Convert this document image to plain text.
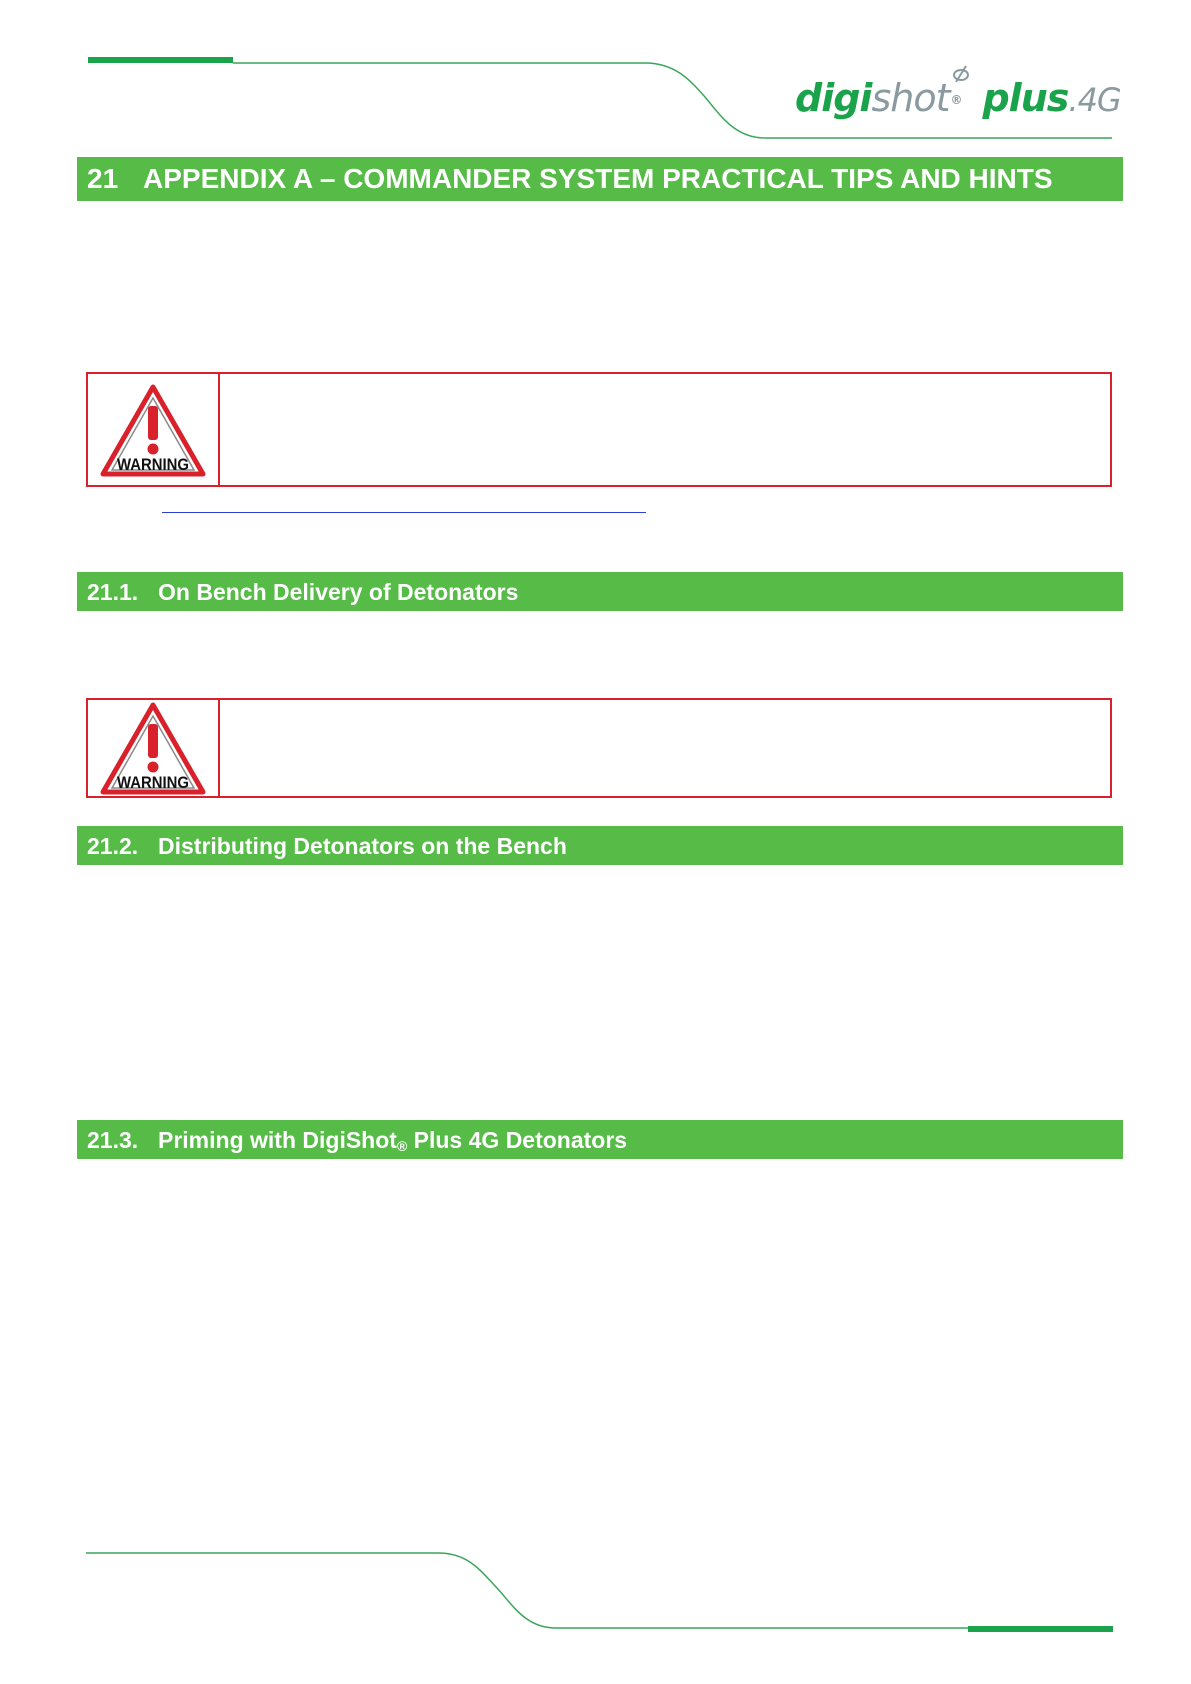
digishot® plus.4G
21 APPENDIX A – COMMANDER SYSTEM PRACTICAL TIPS AND HINTS
WARNING
21.1. On Bench Delivery of Detonators
WARNING
21.2. Distributing Detonators on the Bench
21.3. Priming with DigiShot$_®$ Plus 4G Detonators
